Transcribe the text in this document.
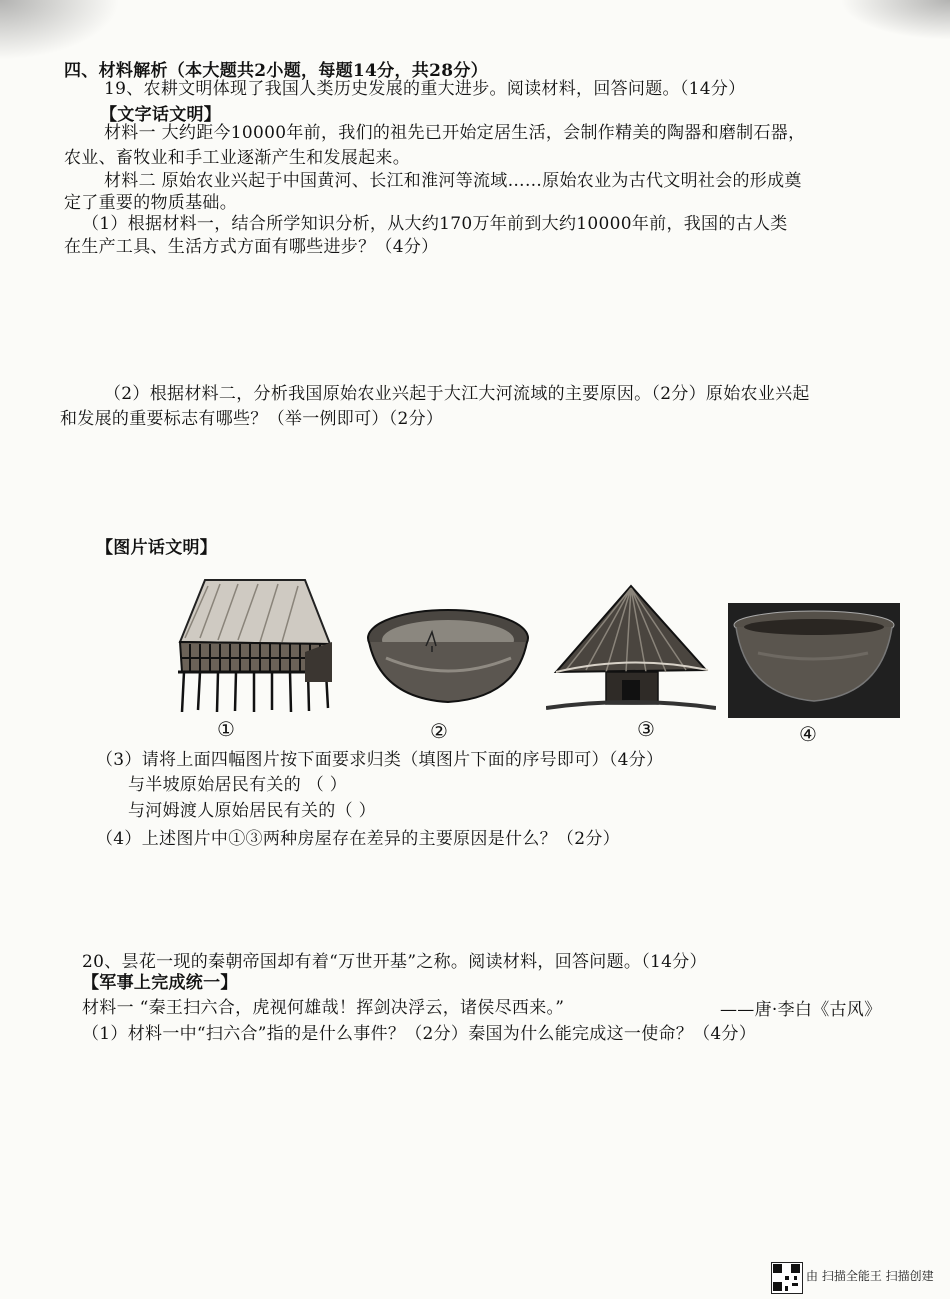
四、材料解析（本大题共2小题，每题14分，共28分）
19、农耕文明体现了我国人类历史发展的重大进步。阅读材料，回答问题。（14分）
【文字话文明】
材料一 大约距今10000年前，我们的祖先已开始定居生活，会制作精美的陶器和磨制石器，
农业、畜牧业和手工业逐渐产生和发展起来。
材料二 原始农业兴起于中国黄河、长江和淮河等流域……原始农业为古代文明社会的形成奠
定了重要的物质基础。
（1）根据材料一，结合所学知识分析，从大约170万年前到大约10000年前，我国的古人类
在生产工具、生活方式方面有哪些进步？（4分）
（2）根据材料二，分析我国原始农业兴起于大江大河流域的主要原因。（2分）原始农业兴起
和发展的重要标志有哪些？（举一例即可）（2分）
【图片话文明】
①	②	③	④
（3）请将上面四幅图片按下面要求归类（填图片下面的序号即可）（4分）
与半坡原始居民有关的 （ ）
与河姆渡人原始居民有关的（ ）
（4）上述图片中①③两种房屋存在差异的主要原因是什么？（2分）
20、昙花一现的秦朝帝国却有着“万世开基”之称。阅读材料，回答问题。（14分）
【军事上完成统一】
材料一 “秦王扫六合，虎视何雄哉！挥剑决浮云，诸侯尽西来。”	——唐·李白《古风》
（1）材料一中“扫六合”指的是什么事件？（2分）秦国为什么能完成这一使命？（4分）
由 扫描全能王 扫描创建
